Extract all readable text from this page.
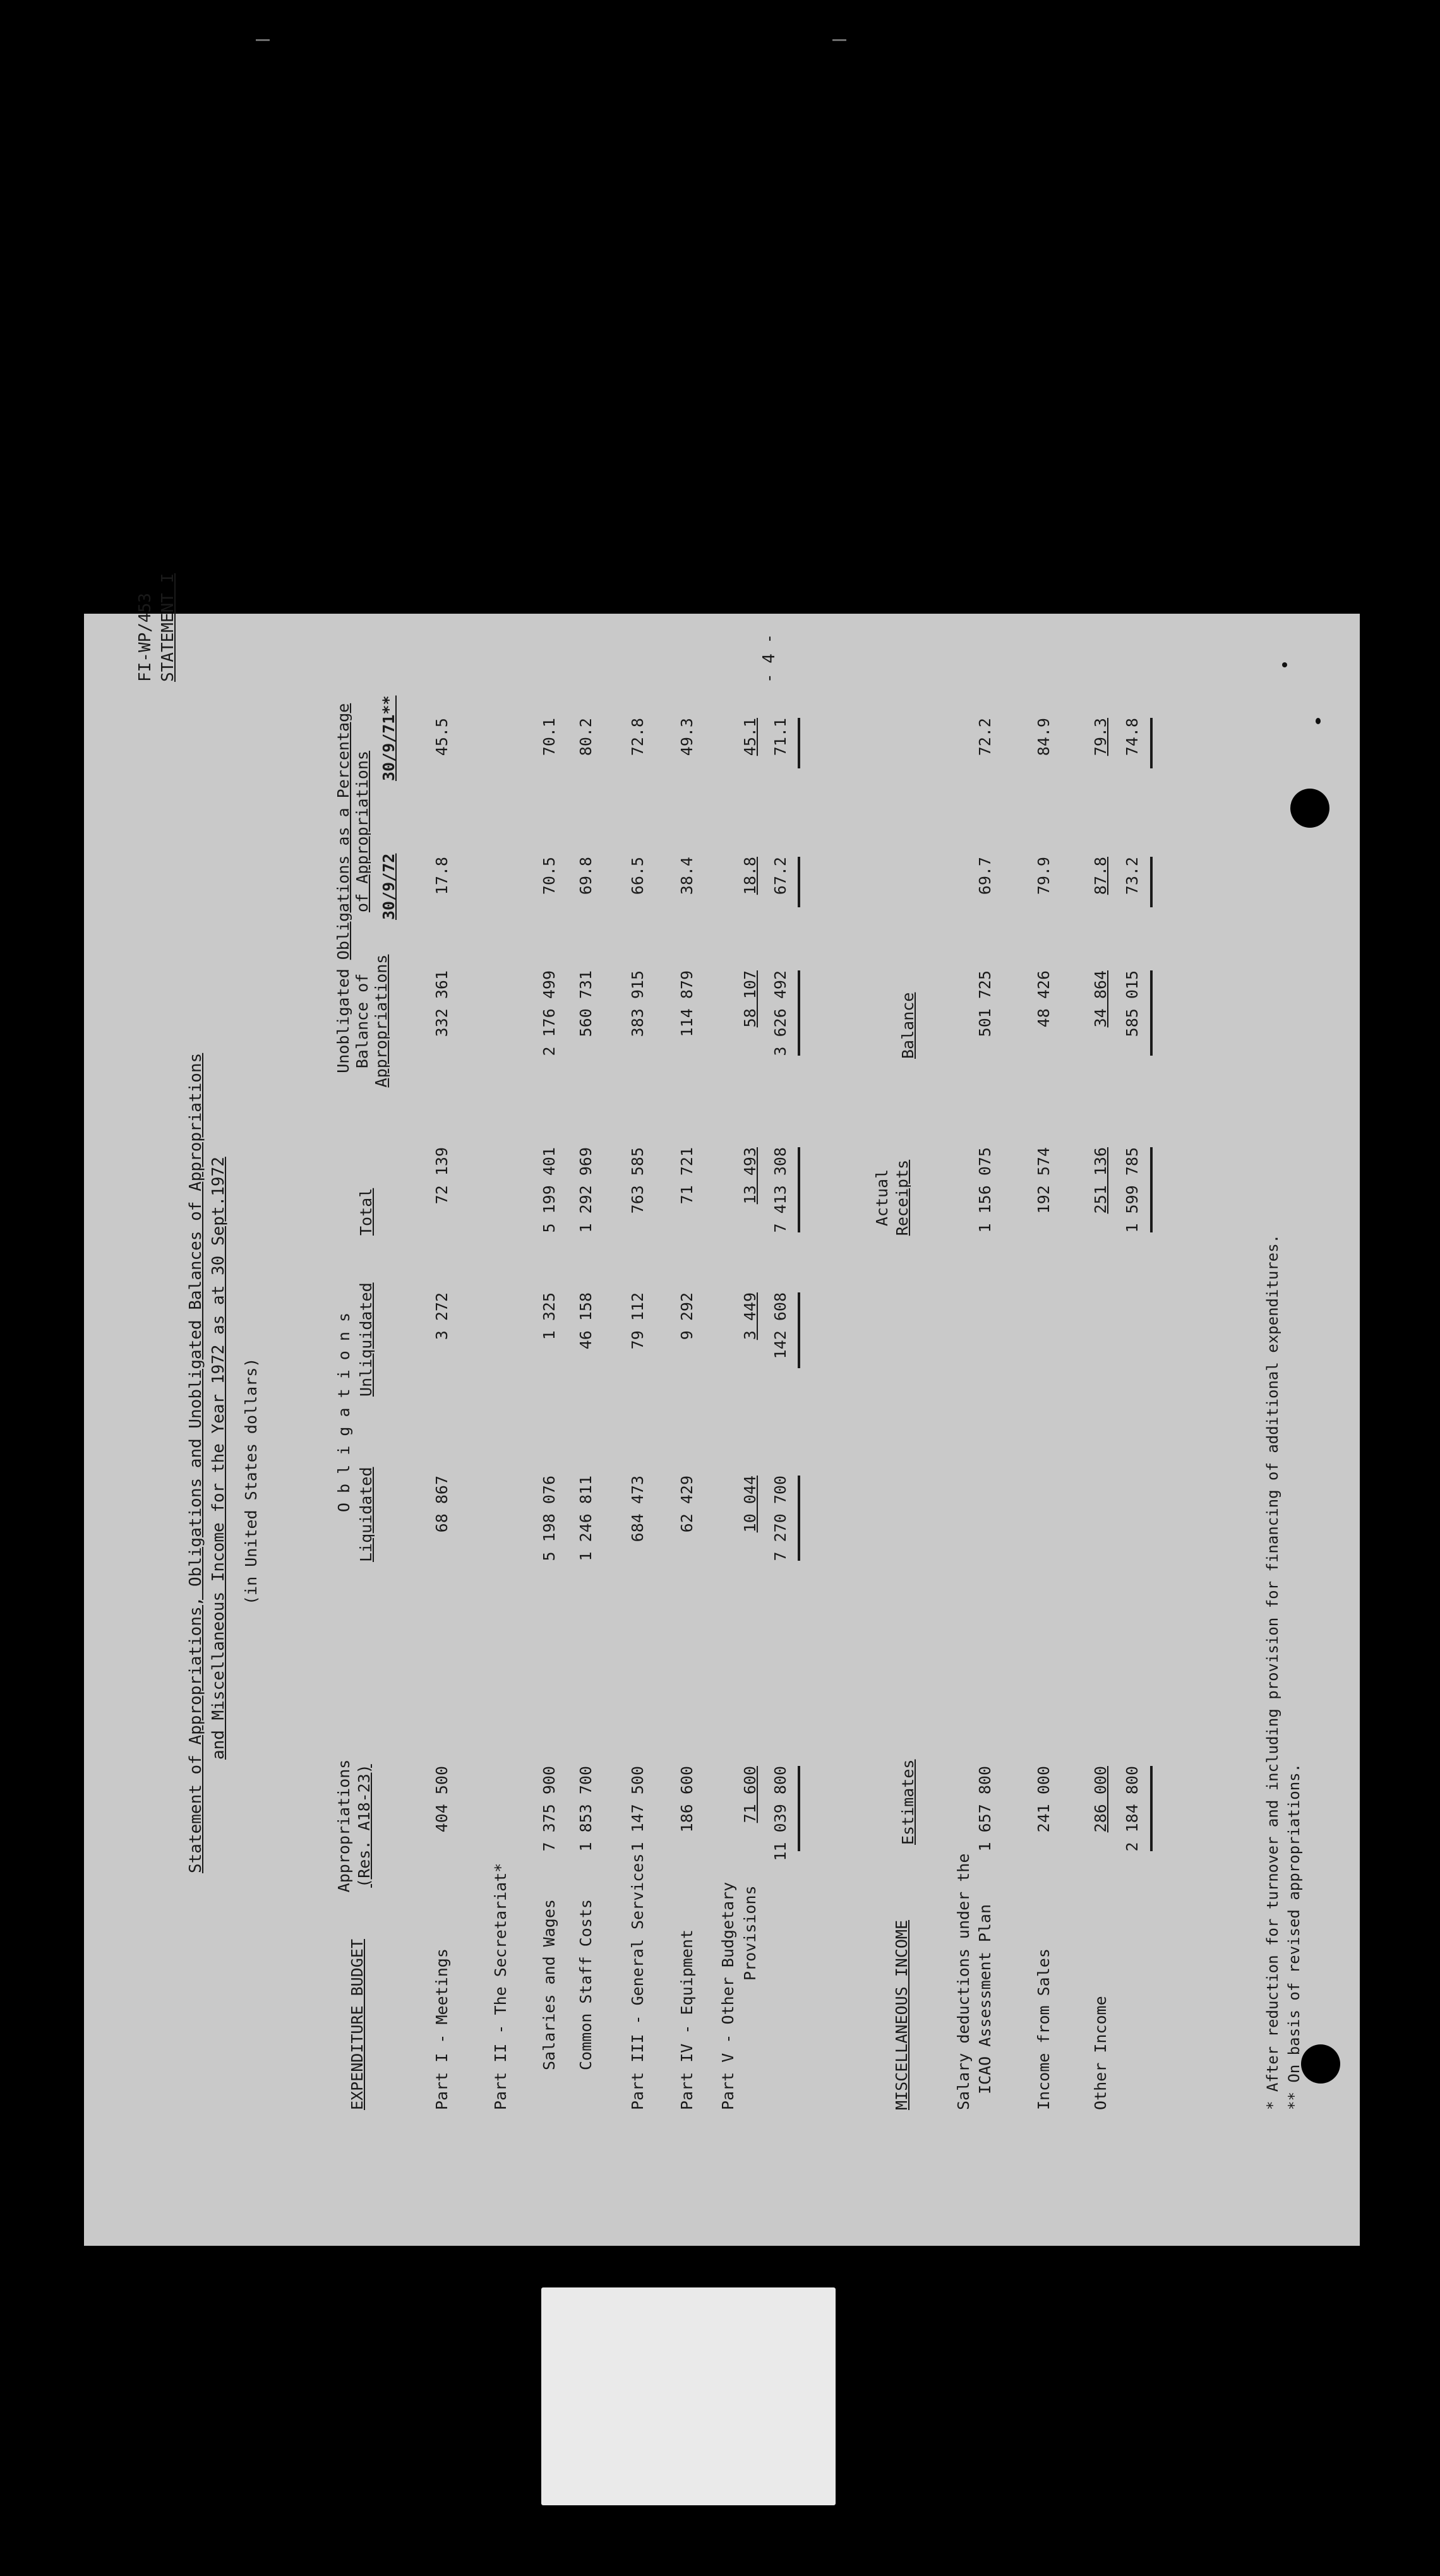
FI-WP/453 STATEMENT I	- 4 -
Statement of Appropriations, Obligations and Unobligated Balances of Appropriations and Miscellaneous Income for the Year 1972 as at 30 Sept.1972 (in United States dollars)
Appropriations (Res. A18-23)
O b l i g a t i o n s
Liquidated
Unliquidated
Total
Unobligated Balance of Appropriations
Obligations as a Percentage of Appropriations 30/9/72
30/9/71**
EXPENDITURE BUDGET	Part I - Meetings
404 500
68 867
3 272
72 139
332 361
17.8
45.5
Part II - The Secretariat* Salaries and Wages
7 375 900
5 198 076
1 325
5 199 401
2 176 499
70.5
70.1
Common Staff Costs
1 853 700
1 246 811
46 158
1 292 969
560 731
69.8
80.2
Part III - General Services
1 147 500
684 473
79 112
763 585
383 915
66.5
72.8
Part IV - Equipment
186 600
62 429
9 292
71 721
114 879
38.4
49.3
Part V - Other Budgetary Provisions
71 600
10 044
3 449
13 493
58 107
18.8
45.1
11 039 800
7 270 700
142 608
7 413 308
3 626 492
67.2
71.1
MISCELLANEOUS INCOME
Estimates
Actual Receipts
Balance
Salary deductions under the ICAO Assessment Plan
1 657 800
1 156 075
501 725
69.7
72.2
Income from Sales
241 000
192 574
48 426
79.9
84.9
Other Income
286 000
251 136
34 864
87.8
79.3
2 184 800
1 599 785
585 015
73.2
74.8
* After reduction for turnover and including provision for financing of additional expenditures. ** On basis of revised appropriations.
